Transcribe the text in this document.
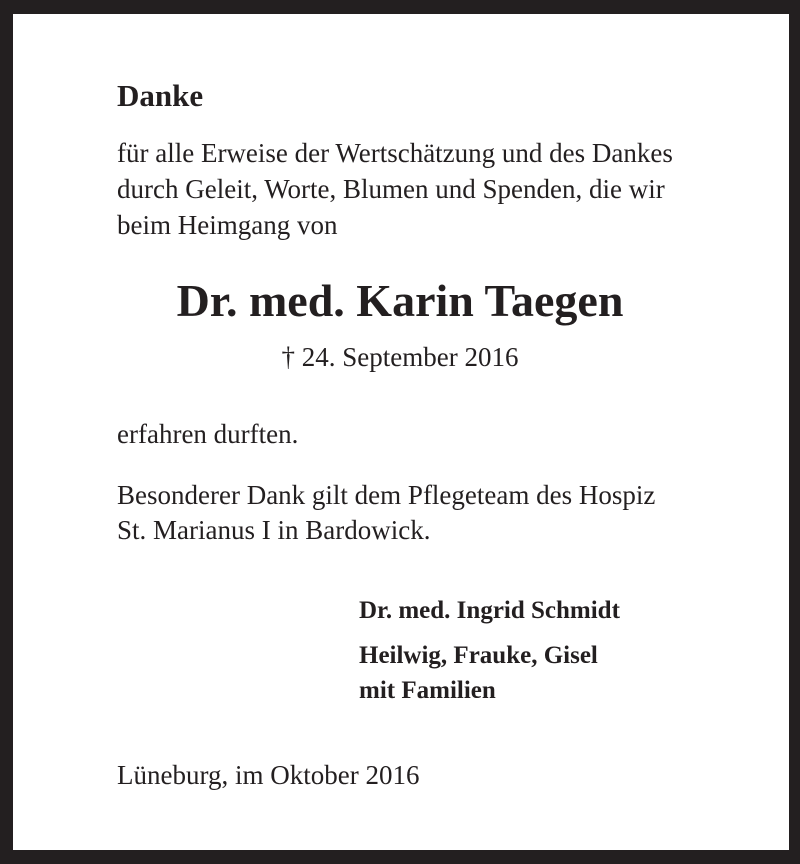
Danke

für alle Erweise der Wertschätzung und des Dankes

durch Geleit, Worte, Blumen und Spenden, die wir

beim Heimgang von

Dr. med. Karin Taegen

† 24. September 2016

erfahren durften.

Besonderer Dank gilt dem Pflegeteam des Hospiz

St. Marianus I in Bardowick.

Dr. med. Ingrid Schmidt

Heilwig, Frauke, Gisel

mit Familien

Lüneburg, im Oktober 2016
